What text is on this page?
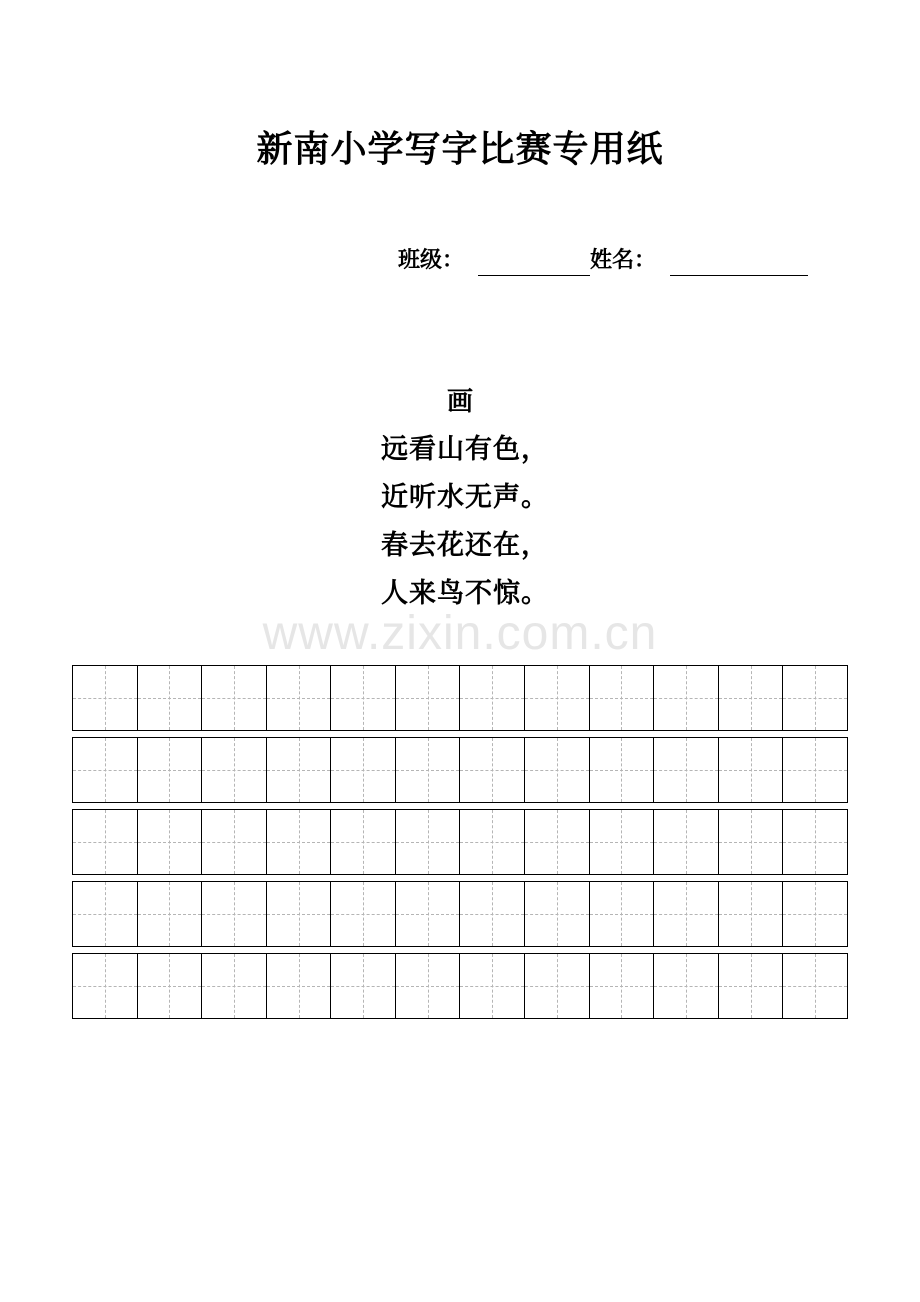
新南小学写字比赛专用纸
班级：	姓名：
画
远看山有色，
近听水无声。
春去花还在，
人来鸟不惊。
www.zixin.com.cn
